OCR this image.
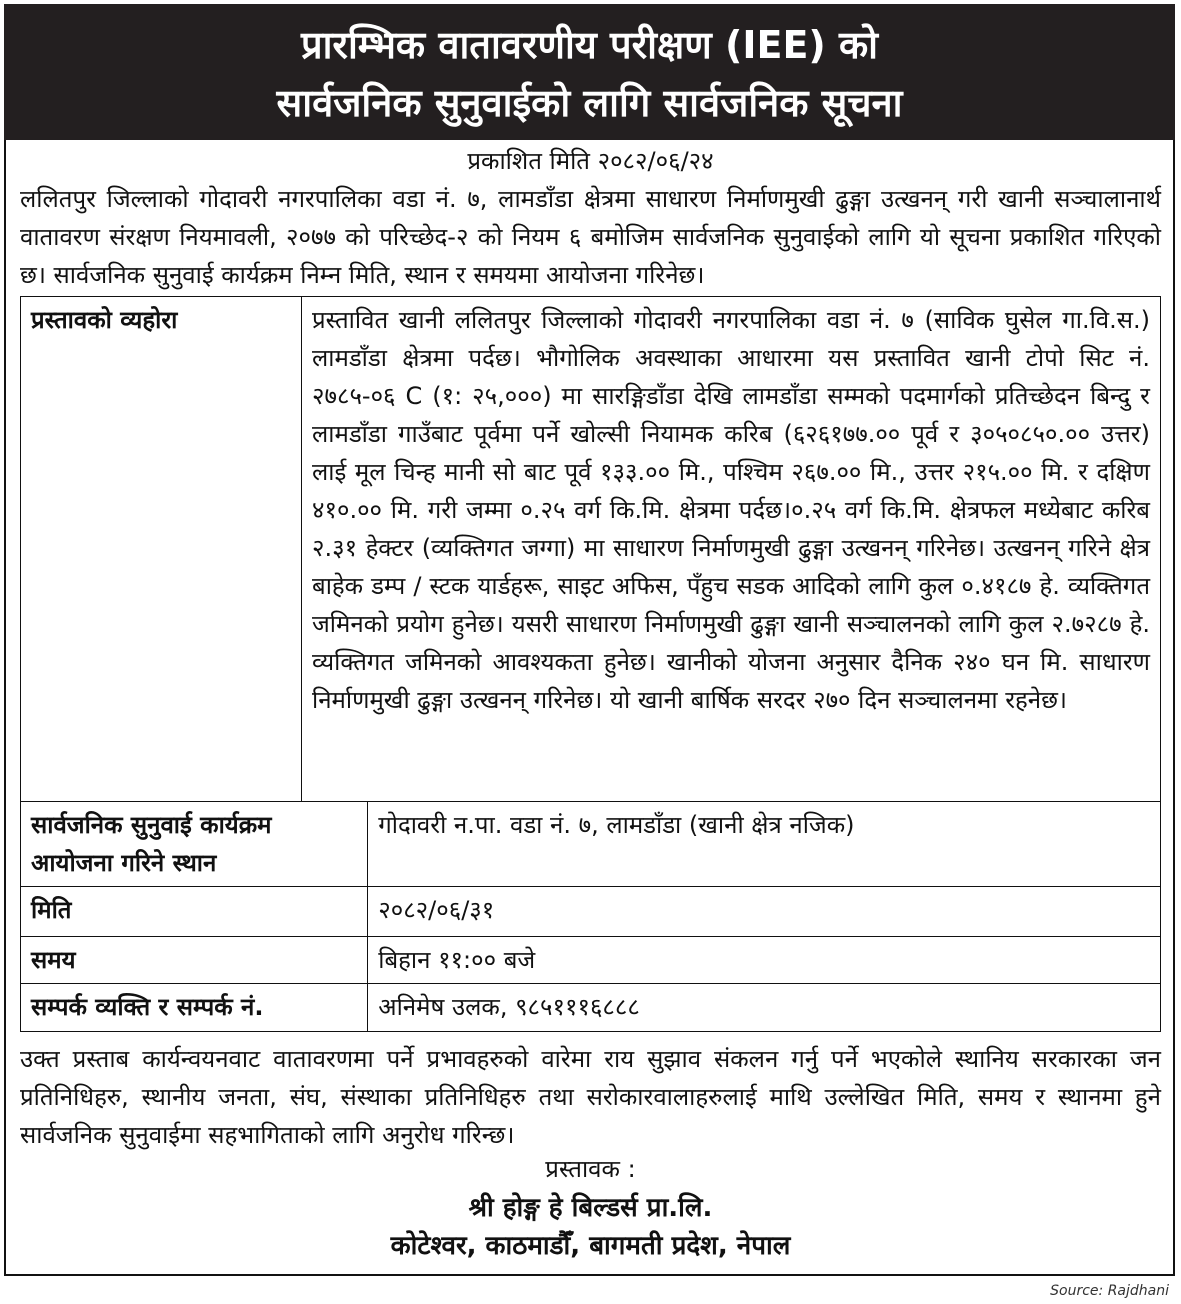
प्रारम्भिक वातावरणीय परीक्षण (IEE) को
सार्वजनिक सुनुवाईको लागि सार्वजनिक सूचना
प्रकाशित मिति २०८२/०६/२४
ललितपुर जिल्लाको गोदावरी नगरपालिका वडा नं. ७, लामडाँडा क्षेत्रमा साधारण निर्माणमुखी ढुङ्गा उत्खनन् गरी खानी सञ्चालानार्थ वातावरण संरक्षण नियमावली, २०७७ को परिच्छेद-२ को नियम ६ बमोजिम सार्वजनिक सुनुवाईको लागि यो सूचना प्रकाशित गरिएको छ। सार्वजनिक सुनुवाई कार्यक्रम निम्न मिति, स्थान र समयमा आयोजना गरिनेछ।
प्रस्तावको व्यहोरा	प्रस्तावित खानी ललितपुर जिल्लाको गोदावरी नगरपालिका वडा नं. ७ (साविक घुसेल गा.वि.स.) लामडाँडा क्षेत्रमा पर्दछ। भौगोलिक अवस्थाका आधारमा यस प्रस्तावित खानी टोपो सिट नं. २७८५-०६ C (१: २५,०००) मा सारङ्गिडाँडा देखि लामडाँडा सम्मको पदमार्गको प्रतिच्छेदन बिन्दु र लामडाँडा गाउँबाट पूर्वमा पर्ने खोल्सी नियामक करिब (६२६१७७.०० पूर्व र ३०५०८५०.०० उत्तर) लाई मूल चिन्ह मानी सो बाट पूर्व १३३.०० मि., पश्चिम २६७.०० मि., उत्तर २१५.०० मि. र दक्षिण ४१०.०० मि. गरी जम्मा ०.२५ वर्ग कि.मि. क्षेत्रमा पर्दछ।०.२५ वर्ग कि.मि. क्षेत्रफल मध्येबाट करिब २.३१ हेक्टर (व्यक्तिगत जग्गा) मा साधारण निर्माणमुखी ढुङ्गा उत्खनन् गरिनेछ। उत्खनन् गरिने क्षेत्र बाहेक डम्प / स्टक यार्डहरू, साइट अफिस, पँहुच सडक आदिको लागि कुल ०.४१८७ हे. व्यक्तिगत जमिनको प्रयोग हुनेछ। यसरी साधारण निर्माणमुखी ढुङ्गा खानी सञ्चालनको लागि कुल २.७२८७ हे. व्यक्तिगत जमिनको आवश्यकता हुनेछ। खानीको योजना अनुसार दैनिक २४० घन मि. साधारण निर्माणमुखी ढुङ्गा उत्खनन् गरिनेछ। यो खानी बार्षिक सरदर २७० दिन सञ्चालनमा रहनेछ।	
सार्वजनिक सुनुवाई कार्यक्रम आयोजना गरिने स्थान		गोदावरी न.पा. वडा नं. ७, लामडाँडा (खानी क्षेत्र नजिक)
मिति		२०८२/०६/३१
समय		बिहान ११:०० बजे
सम्पर्क व्यक्ति र सम्पर्क नं.		अनिमेष उलक, ९८५१११६८८८
उक्त प्रस्ताब कार्यन्वयनवाट वातावरणमा पर्ने प्रभावहरुको वारेमा राय सुझाव संकलन गर्नु पर्ने भएकोले स्थानिय सरकारका जन प्रतिनिधिहरु, स्थानीय जनता, संघ, संस्थाका प्रतिनिधिहरु तथा सरोकारवालाहरुलाई माथि उल्लेखित मिति, समय र स्थानमा हुने सार्वजनिक सुनुवाईमा सहभागिताको लागि अनुरोध गरिन्छ।
प्रस्तावक :
श्री होङ्ग हे बिल्डर्स प्रा.लि.
कोटेश्वर, काठमाडौँ, बागमती प्रदेश, नेपाल
Source: Rajdhani
